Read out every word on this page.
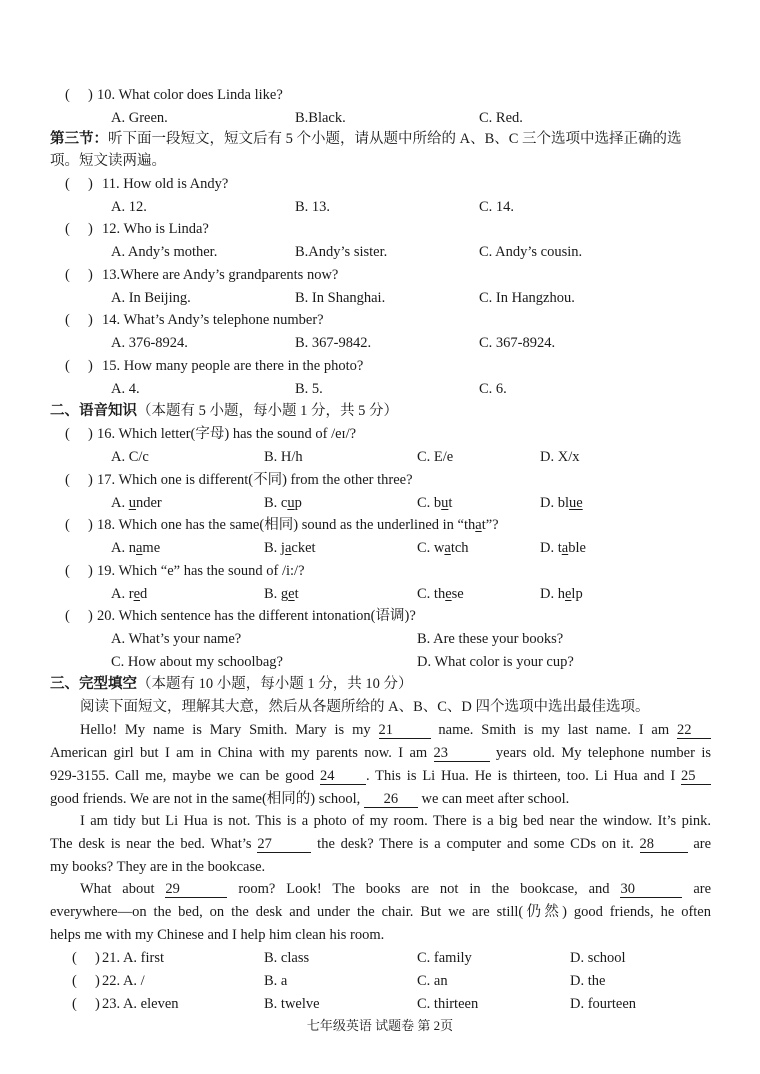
(　 ) 10. What color does Linda like?
A. Green.	B.Black.	C. Red.
第三节：听下面一段短文，短文后有 5 个小题，请从题中所给的 A、B、C 三个选项中选择正确的选
项。短文读两遍。
(　 ) 11. How old is Andy?
A. 12.	B. 13.	C. 14.
(　 ) 12. Who is Linda?
A. Andy’s mother.	B.Andy’s sister.	C. Andy’s cousin.
(　 ) 13.Where are Andy’s grandparents now?
A. In Beijing.	B. In Shanghai.	C. In Hangzhou.
(　 ) 14. What’s Andy’s telephone number?
A. 376-8924.	B. 367-9842.	C. 367-8924.
(　 ) 15. How many people are there in the photo?
A. 4.	B. 5.	C. 6.
二、语音知识（本题有 5 小题，每小题 1 分，共 5 分）
(　 ) 16. Which letter(字母) has the sound of /eɪ/?
A. C/c	B. H/h	C. E/e	D. X/x
(　 ) 17. Which one is different(不同) from the other three?
A. under	B. cup	C. but	D. blue
(　 ) 18. Which one has the same(相同) sound as the underlined in “that”?
A. name	B. jacket	C. watch	D. table
(　 ) 19. Which “e” has the sound of /i:/?
A. red	B. get	C. these	D. help
(　 ) 20. Which sentence has the different intonation(语调)?
A. What’s your name?	B. Are these your books?
C. How about my schoolbag?	D. What color is your cup?
三、完型填空（本题有 10 小题，每小题 1 分，共 10 分）
阅读下面短文，理解其大意，然后从各题所给的 A、B、C、D 四个选项中选出最佳选项。
Hello! My name is Mary Smith. Mary is my 21	name. Smith is my last name. I am 22
American girl but I am in China with my parents now. I am 23	years old. My telephone number is
929-3155. Call me, maybe we can be good 24 . This is Li Hua. He is thirteen, too. Li Hua and I 25
good friends. We are not in the same(相同的) school, 26 we can meet after school.
I am tidy but Li Hua is not. This is a photo of my room. There is a big bed near the window. It’s pink.
The desk is near the bed. What’s 27	the desk? There is a computer and some CDs on it. 28	are
my books? They are in the bookcase.
What about 29	room? Look! The books are not in the bookcase, and 30	are
everywhere—on the bed, on the desk and under the chair. But we are still(仍然) good friends, he often
helps me with my Chinese and I help him clean his room.
(　 ) 21. A. first	B. class	C. family	D. school
(　 ) 22. A. /	B. a	C. an	D. the
(　 ) 23. A. eleven	B. twelve	C. thirteen	D. fourteen
七年级英语 试题卷 第 2页
